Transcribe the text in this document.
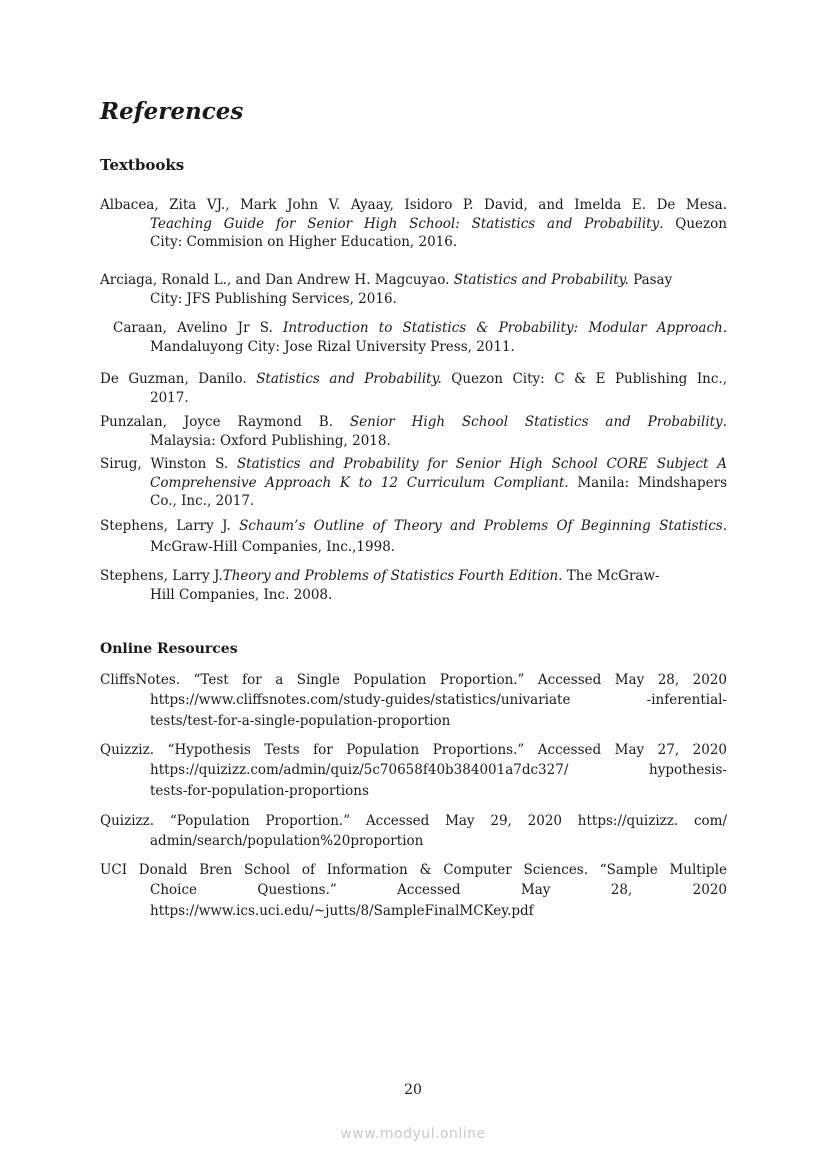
References
Textbooks
Albacea, Zita VJ., Mark John V. Ayaay, Isidoro P. David, and Imelda E. De Mesa.
Teaching Guide for Senior High School: Statistics and Probability. Quezon
City: Commision on Higher Education, 2016.
Arciaga, Ronald L., and Dan Andrew H. Magcuyao. Statistics and Probability. Pasay
City: JFS Publishing Services, 2016.
Caraan, Avelino Jr S. Introduction to Statistics & Probability: Modular Approach.
Mandaluyong City: Jose Rizal University Press, 2011.
De Guzman, Danilo. Statistics and Probability. Quezon City: C & E Publishing Inc.,
2017.
Punzalan, Joyce Raymond B. Senior High School Statistics and Probability.
Malaysia: Oxford Publishing, 2018.
Sirug, Winston S. Statistics and Probability for Senior High School CORE Subject A
Comprehensive Approach K to 12 Curriculum Compliant. Manila: Mindshapers
Co., Inc., 2017.
Stephens, Larry J. Schaum’s Outline of Theory and Problems Of Beginning Statistics.
McGraw-Hill Companies, Inc.,1998.
Stephens, Larry J.Theory and Problems of Statistics Fourth Edition. The McGraw-
Hill Companies, Inc. 2008.
Online Resources
CliffsNotes. “Test for a Single Population Proportion.” Accessed May 28, 2020
https://www.cliffsnotes.com/study-guides/statistics/univariate -inferential-
tests/test-for-a-single-population-proportion
Quizziz. “Hypothesis Tests for Population Proportions.” Accessed May 27, 2020
https://quizizz.com/admin/quiz/5c70658f40b384001a7dc327/ hypothesis-
tests-for-population-proportions
Quizizz. “Population Proportion.” Accessed May 29, 2020 https://quizizz. com/
admin/search/population%20proportion
UCI Donald Bren School of Information & Computer Sciences. “Sample Multiple
Choice Questions.” Accessed May 28, 2020
https://www.ics.uci.edu/~jutts/8/SampleFinalMCKey.pdf
20
www.modyul.online
